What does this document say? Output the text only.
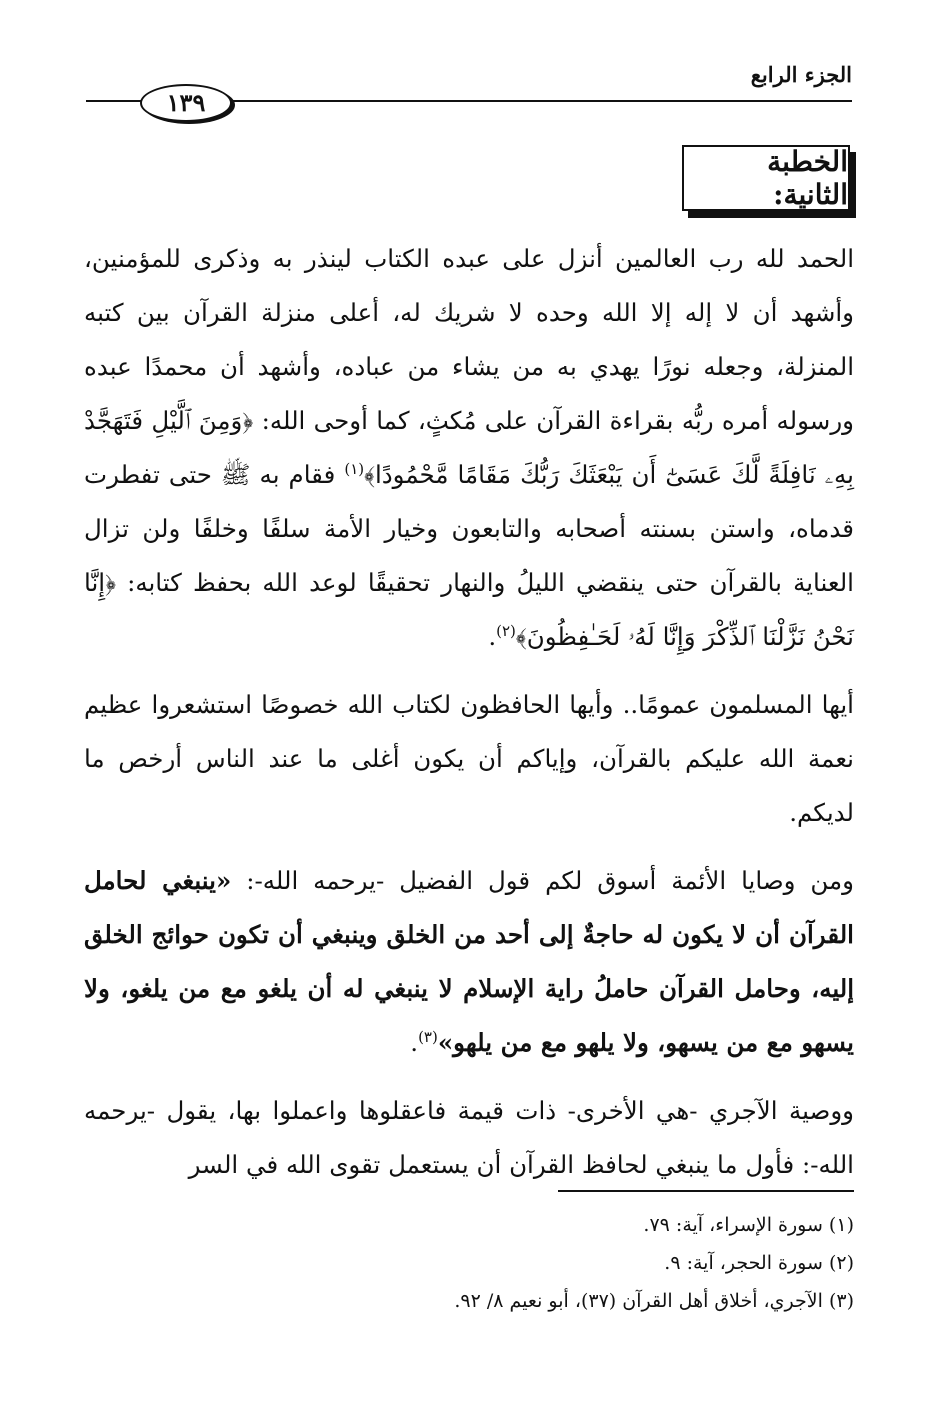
الجزء الرابع
١٣٩
الخطبة الثانية:

الحمد لله رب العالمين أنزل على عبده الكتاب لينذر به وذكرى للمؤمنين، وأشهد أن لا إله إلا الله وحده لا شريك له، أعلى منزلة القرآن بين كتبه المنزلة، وجعله نورًا يهدي به من يشاء من عباده، وأشهد أن محمدًا عبده ورسوله أمره ربُّه بقراءة القرآن على مُكثٍ، كما أوحى الله: ﴿وَمِنَ ٱلَّيْلِ فَتَهَجَّدْ بِهِۦ نَافِلَةً لَّكَ عَسَىٰٓ أَن يَبْعَثَكَ رَبُّكَ مَقَامًا مَّحْمُودًا﴾$^{(١)}$ فقام به ﷺ حتى تفطرت قدماه، واستن بسنته أصحابه والتابعون وخيار الأمة سلفًا وخلفًا ولن تزال العناية بالقرآن حتى ينقضي الليلُ والنهار تحقيقًا لوعد الله بحفظ كتابه: ﴿إِنَّا نَحْنُ نَزَّلْنَا ٱلذِّكْرَ وَإِنَّا لَهُۥ لَحَـٰفِظُونَ﴾$^{(٢)}$.

أيها المسلمون عمومًا.. وأيها الحافظون لكتاب الله خصوصًا استشعروا عظيم نعمة الله عليكم بالقرآن، وإياكم أن يكون أغلى ما عند الناس أرخص ما لديكم.

ومن وصايا الأئمة أسوق لكم قول الفضيل -يرحمه الله-: «ينبغي لحامل القرآن أن لا يكون له حاجةٌ إلى أحد من الخلق وينبغي أن تكون حوائج الخلق إليه، وحامل القرآن حاملُ راية الإسلام لا ينبغي له أن يلغو مع من يلغو، ولا يسهو مع من يسهو، ولا يلهو مع من يلهو»$^{(٣)}$.

ووصية الآجري -هي الأخرى- ذات قيمة فاعقلوها واعملوا بها، يقول -يرحمه الله-: فأول ما ينبغي لحافظ القرآن أن يستعمل تقوى الله في السر

(١) سورة الإسراء، آية: ٧٩.

(٢) سورة الحجر، آية: ٩.

(٣) الآجري، أخلاق أهل القرآن (٣٧)، أبو نعيم ٨/ ٩٢.
